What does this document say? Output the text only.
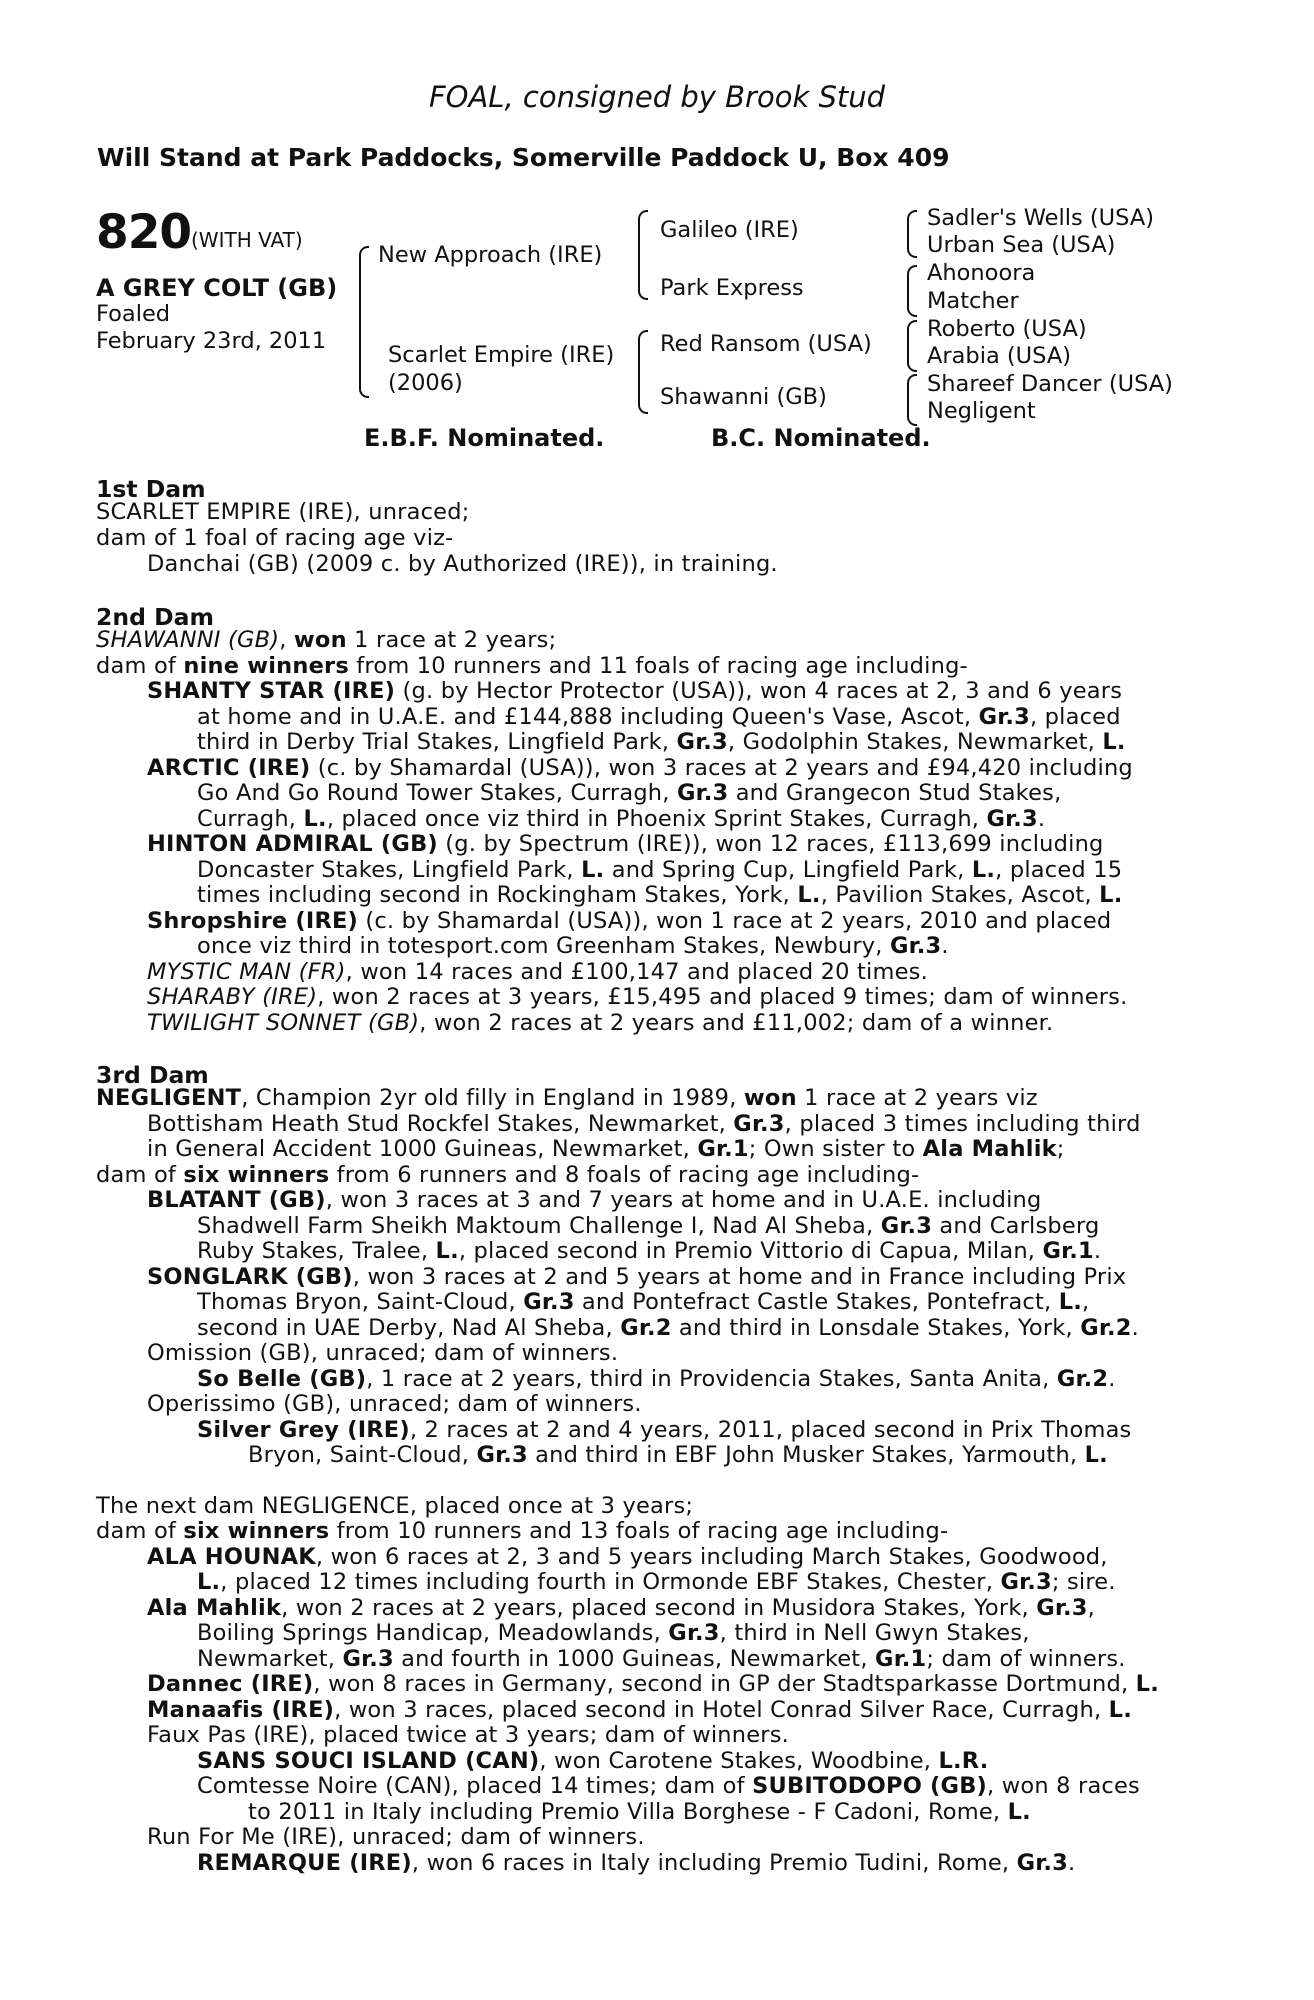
FOAL, consigned by Brook Stud
Will Stand at Park Paddocks, Somerville Paddock U, Box 409
820 (WITH VAT)
A GREY COLT (GB)
Foaled
February 23rd, 2011
New Approach (IRE)
Scarlet Empire (IRE)
(2006)
Galileo (IRE)
Park Express
Red Ransom (USA)
Shawanni (GB)
Sadler's Wells (USA)
Urban Sea (USA)
Ahonoora
Matcher
Roberto (USA)
Arabia (USA)
Shareef Dancer (USA)
Negligent
E.B.F. Nominated.	B.C. Nominated.
1st Dam
SCARLET EMPIRE (IRE), unraced;
dam of 1 foal of racing age viz-
Danchai (GB) (2009 c. by Authorized (IRE)), in training.
2nd Dam
SHAWANNI (GB), won 1 race at 2 years;
dam of nine winners from 10 runners and 11 foals of racing age including-
SHANTY STAR (IRE) (g. by Hector Protector (USA)), won 4 races at 2, 3 and 6 years
at home and in U.A.E. and £144,888 including Queen's Vase, Ascot, Gr.3, placed
third in Derby Trial Stakes, Lingfield Park, Gr.3, Godolphin Stakes, Newmarket, L.
ARCTIC (IRE) (c. by Shamardal (USA)), won 3 races at 2 years and £94,420 including
Go And Go Round Tower Stakes, Curragh, Gr.3 and Grangecon Stud Stakes,
Curragh, L., placed once viz third in Phoenix Sprint Stakes, Curragh, Gr.3.
HINTON ADMIRAL (GB) (g. by Spectrum (IRE)), won 12 races, £113,699 including
Doncaster Stakes, Lingfield Park, L. and Spring Cup, Lingfield Park, L., placed 15
times including second in Rockingham Stakes, York, L., Pavilion Stakes, Ascot, L.
Shropshire (IRE) (c. by Shamardal (USA)), won 1 race at 2 years, 2010 and placed
once viz third in totesport.com Greenham Stakes, Newbury, Gr.3.
MYSTIC MAN (FR), won 14 races and £100,147 and placed 20 times.
SHARABY (IRE), won 2 races at 3 years, £15,495 and placed 9 times; dam of winners.
TWILIGHT SONNET (GB), won 2 races at 2 years and £11,002; dam of a winner.
3rd Dam
NEGLIGENT, Champion 2yr old filly in England in 1989, won 1 race at 2 years viz
Bottisham Heath Stud Rockfel Stakes, Newmarket, Gr.3, placed 3 times including third
in General Accident 1000 Guineas, Newmarket, Gr.1; Own sister to Ala Mahlik;
dam of six winners from 6 runners and 8 foals of racing age including-
BLATANT (GB), won 3 races at 3 and 7 years at home and in U.A.E. including
Shadwell Farm Sheikh Maktoum Challenge I, Nad Al Sheba, Gr.3 and Carlsberg
Ruby Stakes, Tralee, L., placed second in Premio Vittorio di Capua, Milan, Gr.1.
SONGLARK (GB), won 3 races at 2 and 5 years at home and in France including Prix
Thomas Bryon, Saint-Cloud, Gr.3 and Pontefract Castle Stakes, Pontefract, L.,
second in UAE Derby, Nad Al Sheba, Gr.2 and third in Lonsdale Stakes, York, Gr.2.
Omission (GB), unraced; dam of winners.
So Belle (GB), 1 race at 2 years, third in Providencia Stakes, Santa Anita, Gr.2.
Operissimo (GB), unraced; dam of winners.
Silver Grey (IRE), 2 races at 2 and 4 years, 2011, placed second in Prix Thomas
Bryon, Saint-Cloud, Gr.3 and third in EBF John Musker Stakes, Yarmouth, L.
The next dam NEGLIGENCE, placed once at 3 years;
dam of six winners from 10 runners and 13 foals of racing age including-
ALA HOUNAK, won 6 races at 2, 3 and 5 years including March Stakes, Goodwood,
L., placed 12 times including fourth in Ormonde EBF Stakes, Chester, Gr.3; sire.
Ala Mahlik, won 2 races at 2 years, placed second in Musidora Stakes, York, Gr.3,
Boiling Springs Handicap, Meadowlands, Gr.3, third in Nell Gwyn Stakes,
Newmarket, Gr.3 and fourth in 1000 Guineas, Newmarket, Gr.1; dam of winners.
Dannec (IRE), won 8 races in Germany, second in GP der Stadtsparkasse Dortmund, L.
Manaafis (IRE), won 3 races, placed second in Hotel Conrad Silver Race, Curragh, L.
Faux Pas (IRE), placed twice at 3 years; dam of winners.
SANS SOUCI ISLAND (CAN), won Carotene Stakes, Woodbine, L.R.
Comtesse Noire (CAN), placed 14 times; dam of SUBITODOPO (GB), won 8 races
to 2011 in Italy including Premio Villa Borghese - F Cadoni, Rome, L.
Run For Me (IRE), unraced; dam of winners.
REMARQUE (IRE), won 6 races in Italy including Premio Tudini, Rome, Gr.3.
